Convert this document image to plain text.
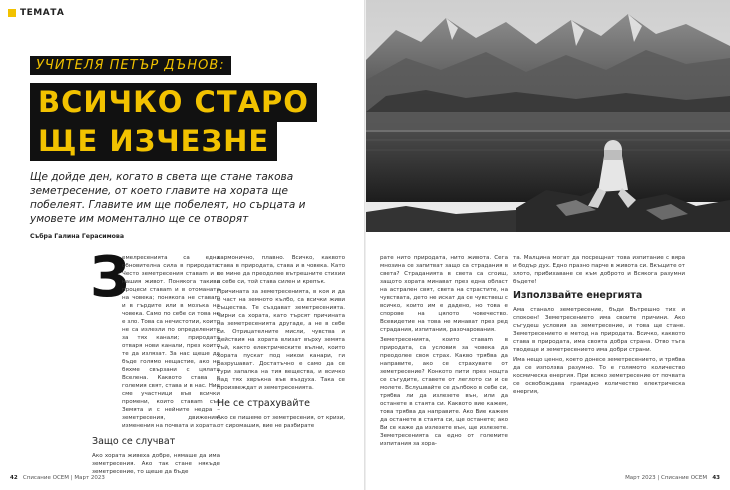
ТЕМАТА
УЧИТЕЛЯ ПЕТЪР ДЪНОВ:
ВСИЧКО СТАРО
ЩЕ ИЗЧЕЗНЕ
Ще дойде ден, когато в света ще стане такова земетресение, от което главите на хората ще побелеят. Главите им ще побелеят, но сърцата и умовете им моментално ще се отворят
Събра Галина Герасимова
З

емелресенията са една обновителна сила в природата. Често земетресения ставаm и в нашия живот. Понякога такива процеси ставаm и в отоманата на човека; понякога не ставаm и в гърдите или в мозъка на човека. Само по себе си това не е зло. Това са нечистотии, които не са излезли по определените за тях канали; природата отваря нови канали, през които те да излязат. За нас щеше да бъде голямо нещастие, ако не бяхме свързани с цялата Вселена. Каквото става в големия свят, става и в нас. Ние сме участници във всички промени, които ставаm със Земята и с нейните недра – земетресения, движения, изменения на почвата и хората.

Защо се случват

Ако хората живеха добре, нямаше да има земетресения. Ако так стане някъде земетресение, то щеше да бъде

хармонично, плавно. Всичко, каквото става в природата, става и в човека. Като се мине да преодолее вътрешните стихии в себе си, той става силен и крепък.

Причината за земетресенията, в коя и да е част на земното кълбо, са всички живи същества. Те създават земетресенията. Чирни са хората, като търсят причината на земетресенията другаде, а не в себе си. Отрицателните мисли, чувства и действия на хората влизат върху земята тъй, както електрическите вълни, които хората пускат под никои канари, ги разрушават. Достатъчно е само да се тури запалка на тия вещества, и всичко над тях хвръкна във въздуха. Така се произвеждат и земетресенията.

Не се страхувайте

Ако се пишеме от земетресения, от кризи, от сиромашия, вие не разбирате

рате нито природата, нито живота. Сега мнозина се запитват защо са страдания в света? Страданията в света са сгоиш, защото хората минават през една област на астрален свят, света на страстите, на чувствата, дето не искат да се чувствеш с всичко, които им е дадено, но това е спорове на цялото човечество. Всевидетие на това не минават през ред страдания, изпитания, разочарования.

Земетресенията, които ставаm в природата, са условия за човека да преодолее своя страх. Какво трябва да направите, ако се страхувате от земетресение? Конкото пити през нощта се съгудите, ставете от леглото си и се молете. Вслушвайте се дълбоко в себе си, трябва ли да излезете вън, или да останете в стаята си. Каквото вие кажем, това трябва да направите. Ако Вие кажем да останете в стаята си, ще останете; ако Ви се каже да излезете вън, ще излезете. Земетресенията са едно от големите изпитания за хора-

та. Малцина могат да посрещнат това изпитание с вяра и бодър дух. Едно празно парче в живота си. Вкъщите от злото, прибихаване се към доброто и Всякога разумни бъдете!

Използвайте енергията

Ама станало земетресение, бъди Вътрешно тих и спокоен! Земетресението има своите причини. Ако съгудеш условия за земетресение, и това ще стане. Земетресението е метод на природата. Всичко, каквото става в природата, има своята добра страна. Отво тъга тводеще и земетресението има добри страни.

Има нещо ценно, което донесе земетресението, и трябва да се използва разумно. То е голямото количество космическа енергия. При всяко земетресение от почвата се освобождава грамадно количество електрическа енергия,

42 Списание ОСЕМ | Март 2023	Март 2023 | Списание ОСЕМ 43
